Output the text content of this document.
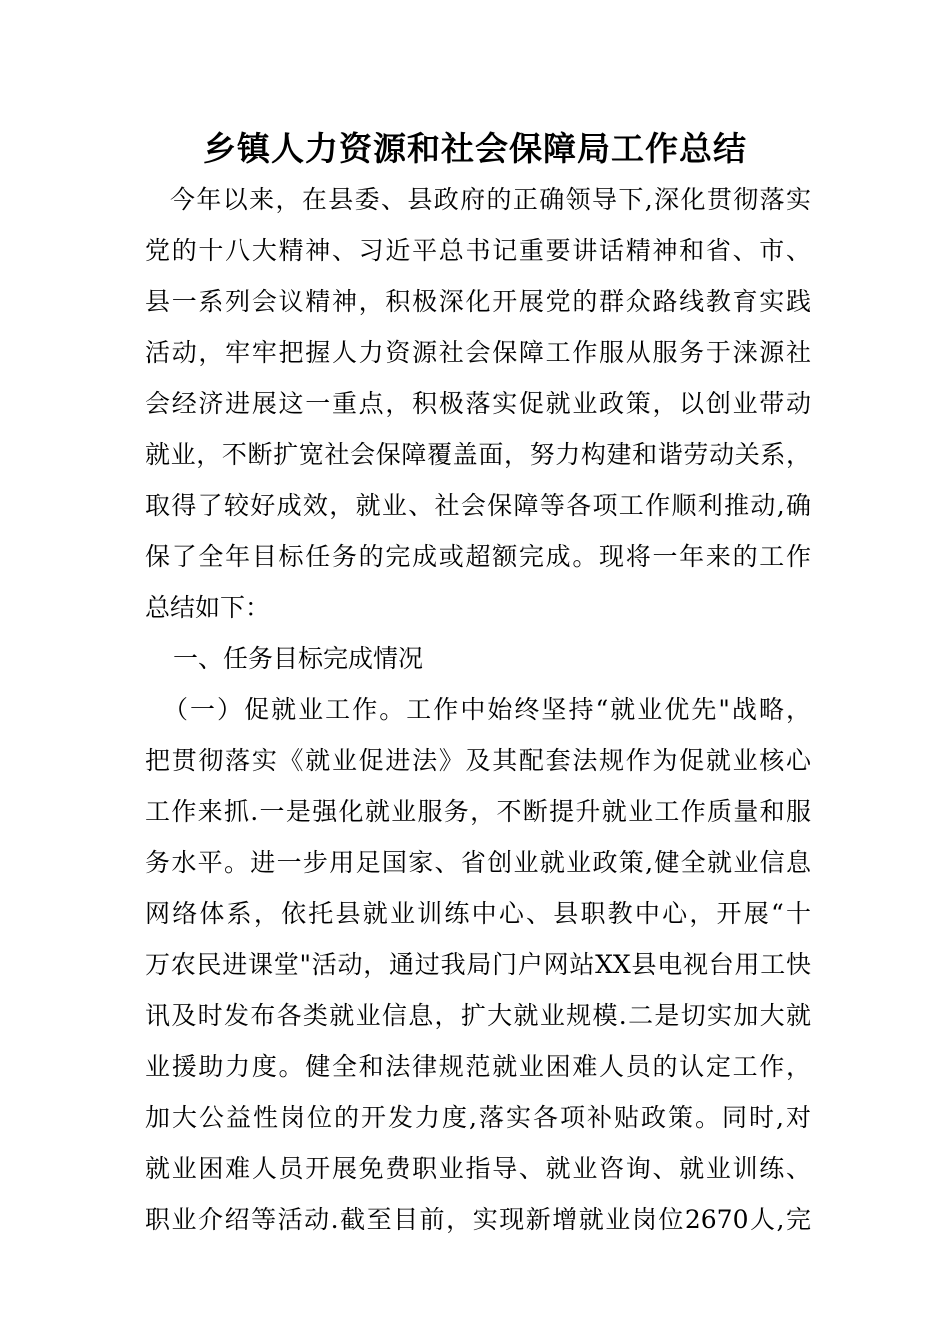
乡镇人力资源和社会保障局工作总结
今年以来，在县委、县政府的正确领导下,深化贯彻落实
党的十八大精神、习近平总书记重要讲话精神和省、市、
县一系列会议精神，积极深化开展党的群众路线教育实践
活动，牢牢把握人力资源社会保障工作服从服务于涞源社
会经济进展这一重点，积极落实促就业政策，以创业带动
就业，不断扩宽社会保障覆盖面，努力构建和谐劳动关系，
取得了较好成效，就业、社会保障等各项工作顺利推动,确
保了全年目标任务的完成或超额完成。现将一年来的工作
总结如下：
一、任务目标完成情况
（一）促就业工作。工作中始终坚持“就业优先"战略，
把贯彻落实《就业促进法》及其配套法规作为促就业核心
工作来抓.一是强化就业服务，不断提升就业工作质量和服
务水平。进一步用足国家、省创业就业政策,健全就业信息
网络体系，依托县就业训练中心、县职教中心，开展“十
万农民进课堂"活动，通过我局门户网站XX县电视台用工快
讯及时发布各类就业信息，扩大就业规模.二是切实加大就
业援助力度。健全和法律规范就业困难人员的认定工作，
加大公益性岗位的开发力度,落实各项补贴政策。同时,对
就业困难人员开展免费职业指导、就业咨询、就业训练、
职业介绍等活动.截至目前，实现新增就业岗位2670人,完
